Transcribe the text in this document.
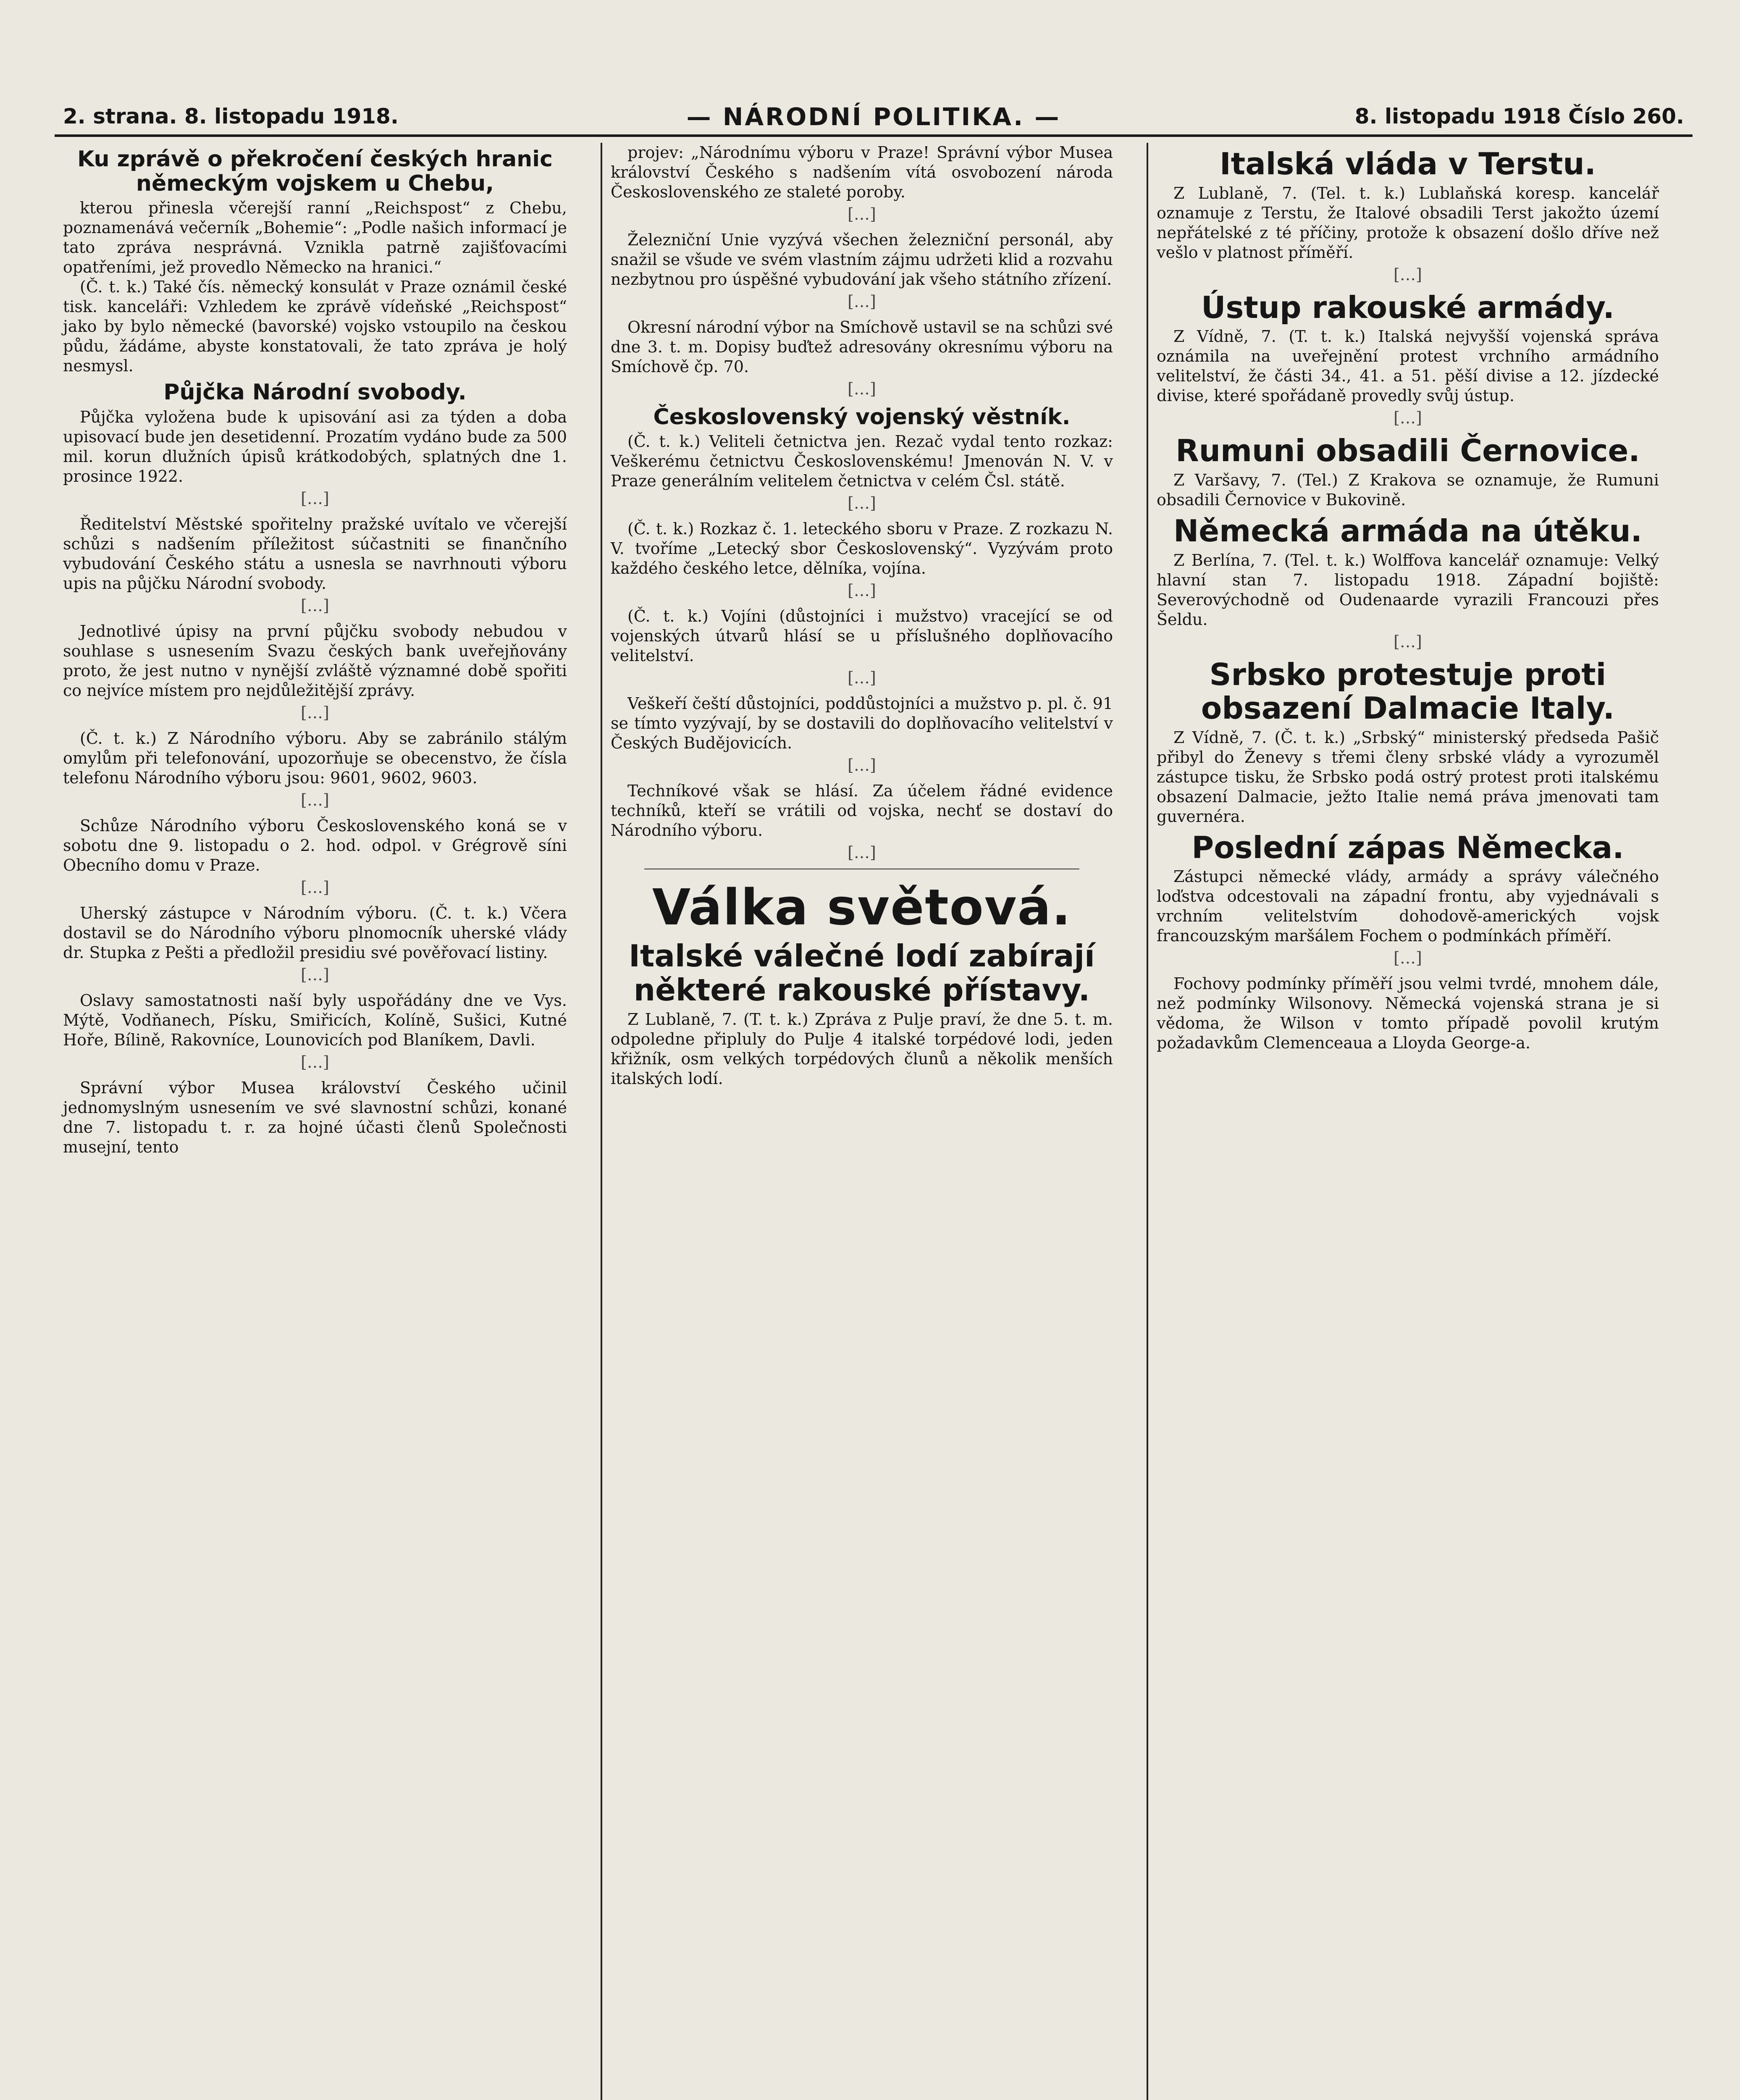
2. strana. 8. listopadu 1918.	— NÁRODNÍ POLITIKA. —	8. listopadu 1918 Číslo 260.
Ku zprávě o překročení českých hranic německým vojskem u Chebu,

kterou přinesla včerejší ranní „Reichspost“ z Chebu, poznamenává večerník „Bohemie“: „Podle našich informací je tato zpráva nesprávná. Vznikla patrně zajišťovacími opatřeními, jež provedlo Německo na hranici.“

(Č. t. k.) Také čís. německý konsulát v Praze oznámil české tisk. kanceláři: Vzhledem ke zprávě vídeňské „Reichspost“ jako by bylo německé (bavorské) vojsko vstoupilo na českou půdu, žádáme, abyste konstatovali, že tato zpráva je holý nesmysl.

Půjčka Národní svobody.

Půjčka vyložena bude k upisování asi za týden a doba upisovací bude jen desetidenní. Prozatím vydáno bude za 500 mil. korun dlužních úpisů krátkodobých, splatných dne 1. prosince 1922.

[…]

Ředitelství Městské spořitelny pražské uvítalo ve včerejší schůzi s nadšením příležitost súčastniti se finančního vybudování Českého státu a usnesla se navrhnouti výboru upis na půjčku Národní svobody.

[…]

Jednotlivé úpisy na první půjčku svobody nebudou v souhlase s usnesením Svazu českých bank uveřejňovány proto, že jest nutno v nynější zvláště významné době spořiti co nejvíce místem pro nejdůležitější zprávy.

[…]

(Č. t. k.) Z Národního výboru. Aby se zabránilo stálým omylům při telefonování, upozorňuje se obecenstvo, že čísla telefonu Národního výboru jsou: 9601, 9602, 9603.

[…]

Schůze Národního výboru Československého koná se v sobotu dne 9. listopadu o 2. hod. odpol. v Grégrově síni Obecního domu v Praze.

[…]

Uherský zástupce v Národním výboru. (Č. t. k.) Včera dostavil se do Národního výboru plnomocník uherské vlády dr. Stupka z Pešti a předložil presidiu své pověřovací listiny.

[…]

Oslavy samostatnosti naší byly uspořádány dne ve Vys. Mýtě, Vodňanech, Písku, Smiřicích, Kolíně, Sušici, Kutné Hoře, Bílině, Rakovníce, Lounovicích pod Blaníkem, Davli.

[…]

Správní výbor Musea království Českého učinil jednomyslným usnesením ve své slavnostní schůzi, konané dne 7. listopadu t. r. za hojné účasti členů Společnosti musejní, tento

projev: „Národnímu výboru v Praze! Správní výbor Musea království Českého s nadšením vítá osvobození národa Československého ze staleté poroby.

[…]

Železniční Unie vyzývá všechen železniční personál, aby snažil se všude ve svém vlastním zájmu udržeti klid a rozvahu nezbytnou pro úspěšné vybudování jak všeho státního zřízení.

[…]

Okresní národní výbor na Smíchově ustavil se na schůzi své dne 3. t. m. Dopisy buďtež adresovány okresnímu výboru na Smíchově čp. 70.

[…]
Československý vojenský věstník.

(Č. t. k.) Veliteli četnictva jen. Rezač vydal tento rozkaz: Veškerému četnictvu Československému! Jmenován N. V. v Praze generálním velitelem četnictva v celém Čsl. státě.

[…]

(Č. t. k.) Rozkaz č. 1. leteckého sboru v Praze. Z rozkazu N. V. tvoříme „Letecký sbor Československý“. Vyzývám proto každého českého letce, dělníka, vojína.

[…]

(Č. t. k.) Vojíni (důstojníci i mužstvo) vracející se od vojenských útvarů hlásí se u příslušného doplňovacího velitelství.

[…]

Veškeří čeští důstojníci, poddůstojníci a mužstvo p. pl. č. 91 se tímto vyzývají, by se dostavili do doplňovacího velitelství v Českých Budějovicích.

[…]

Techníkové však se hlásí. Za účelem řádné evidence techníků, kteří se vrátili od vojska, nechť se dostaví do Národního výboru.

[…]
Válka světová.
Italské válečné lodí zabírají některé rakouské přístavy.

Z Lublaně, 7. (T. t. k.) Zpráva z Pulje praví, že dne 5. t. m. odpoledne připluly do Pulje 4 italské torpédové lodi, jeden křižník, osm velkých torpédových člunů a několik menších italských lodí.

Italská vláda v Terstu.

Z Lublaně, 7. (Tel. t. k.) Lublaňská koresp. kancelář oznamuje z Terstu, že Italové obsadili Terst jakožto území nepřátelské z té příčiny, protože k obsazení došlo dříve než vešlo v platnost příměří.

[…]
Ústup rakouské armády.

Z Vídně, 7. (T. t. k.) Italská nejvyšší vojenská správa oznámila na uveřejnění protest vrchního armádního velitelství, že části 34., 41. a 51. pěší divise a 12. jízdecké divise, které spořádaně provedly svůj ústup.

[…]
Rumuni obsadili Černovice.

Z Varšavy, 7. (Tel.) Z Krakova se oznamuje, že Rumuni obsadili Černovice v Bukovině.

Německá armáda na útěku.

Z Berlína, 7. (Tel. t. k.) Wolffova kancelář oznamuje: Velký hlavní stan 7. listopadu 1918. Západní bojiště: Severovýchodně od Oudenaarde vyrazili Francouzi přes Šeldu.

[…]
Srbsko protestuje proti obsazení Dalmacie Italy.

Z Vídně, 7. (Č. t. k.) „Srbský“ ministerský předseda Pašič přibyl do Ženevy s třemi členy srbské vlády a vyrozuměl zástupce tisku, že Srbsko podá ostrý protest proti italskému obsazení Dalmacie, ježto Italie nemá práva jmenovati tam guvernéra.

Poslední zápas Německa.

Zástupci německé vlády, armády a správy válečného loďstva odcestovali na západní frontu, aby vyjednávali s vrchním velitelstvím dohodově-amerických vojsk francouzským maršálem Fochem o podmínkách příměří.

[…]

Fochovy podmínky příměří jsou velmi tvrdé, mnohem dále, než podmínky Wilsonovy. Německá vojenská strana je si vědoma, že Wilson v tomto případě povolil krutým požadavkům Clemenceaua a Lloyda George-a.
